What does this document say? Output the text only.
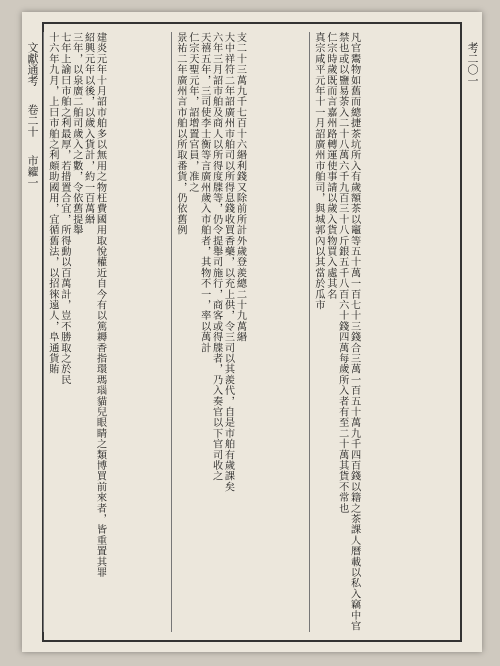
文獻通考
卷二十
市糴一	凡官鬻物如舊而總捷茶坑所入有歲額茶以竈等五十萬一百七十三錢合三萬一百五十萬九千四百錢以籍之茶課人曆載以私入竊中官禁也或以鹽易荼入二十八萬六千九百三十八斤銀五千八百六十錢四萬每歲所入者有至二十萬其貨不常也
仁宗時歲既而言嘉州路轉運使事請以歲入貨物買入處其名
真宗咸平元年十一月詔廣州市舶司，與城郭內以其當於瓜市
支二十三萬九千七百十六緡利錢又除前所計外歲登羨總二十九萬緡
大中祥符二年詔廣州市舶司以所得息錢收買香藥，以充上供，令三司以其羨代，自是市舶有歲課矣
六年三月詔市舶及商人以所得度牒等，仍令提舉司施行，商客或得牒者，乃入奏官以下官司收之
天禧五年，三司使李士衡等言廣州歲入市舶者，其物不一，率以萬計
仁宗天聖元年，詔增置官員，准之
景祐二年廣州言市舶以所取番貨，仍依舊例
建炎元年十月詔市舶多以無用之物枉費國用取悅權近自今有以篤耨香指環瑪瑙貓兒眼睛之類博買前來者，皆重置其罪
紹興元年以後，以歲入貨計，約一百萬緡
三年，以泉廣二舶司歲入之數，令依舊提舉
七年上諭曰市舶之利最厚，若措置合宜，所得動以百萬計，豈不勝取之於民
十六年九月，上曰市舶之利頗助國用，宜循舊法，以招徠遠人，阜通貨賄	考二〇一
